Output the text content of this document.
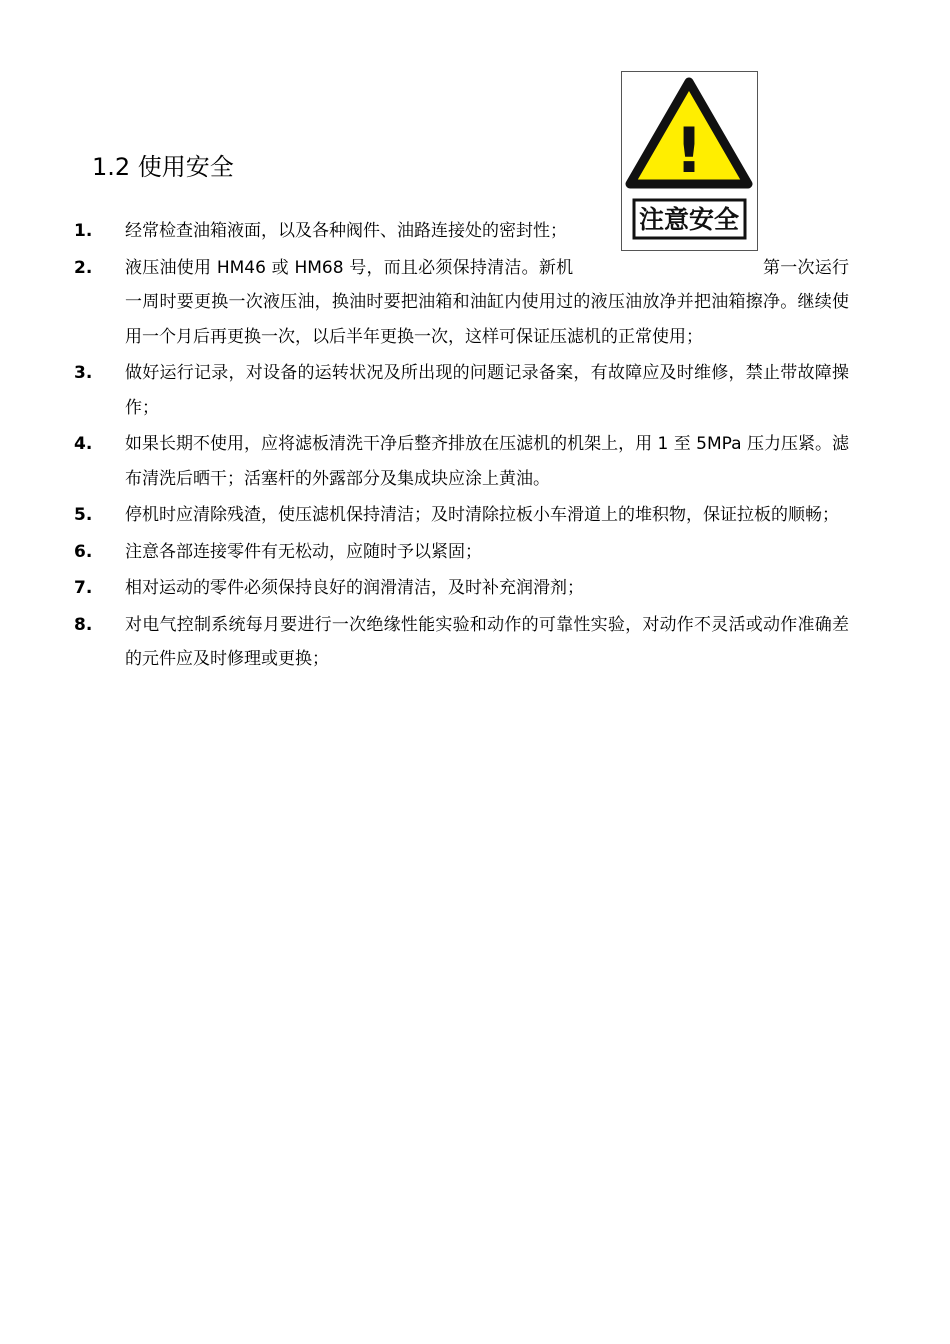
1.2 使用安全	!
注意安全
1. 经常检查油箱液面，以及各种阀件、油路连接处的密封性；
2. 液压油使用 HM46 或 HM68 号，而且必须保持清洁。新机　　　　　　　　　　　第一次运行一周时要更换一次液压油，换油时要把油箱和油缸内使用过的液压油放净并把油箱擦净。继续使用一个月后再更换一次，以后半年更换一次，这样可保证压滤机的正常使用；
3. 做好运行记录，对设备的运转状况及所出现的问题记录备案，有故障应及时维修，禁止带故障操作；
4. 如果长期不使用，应将滤板清洗干净后整齐排放在压滤机的机架上，用 1 至 5MPa 压力压紧。滤布清洗后晒干；活塞杆的外露部分及集成块应涂上黄油。
5. 停机时应清除残渣，使压滤机保持清洁；及时清除拉板小车滑道上的堆积物，保证拉板的顺畅；
6. 注意各部连接零件有无松动，应随时予以紧固；
7. 相对运动的零件必须保持良好的润滑清洁，及时补充润滑剂；
8. 对电气控制系统每月要进行一次绝缘性能实验和动作的可靠性实验，对动作不灵活或动作准确差的元件应及时修理或更换；
